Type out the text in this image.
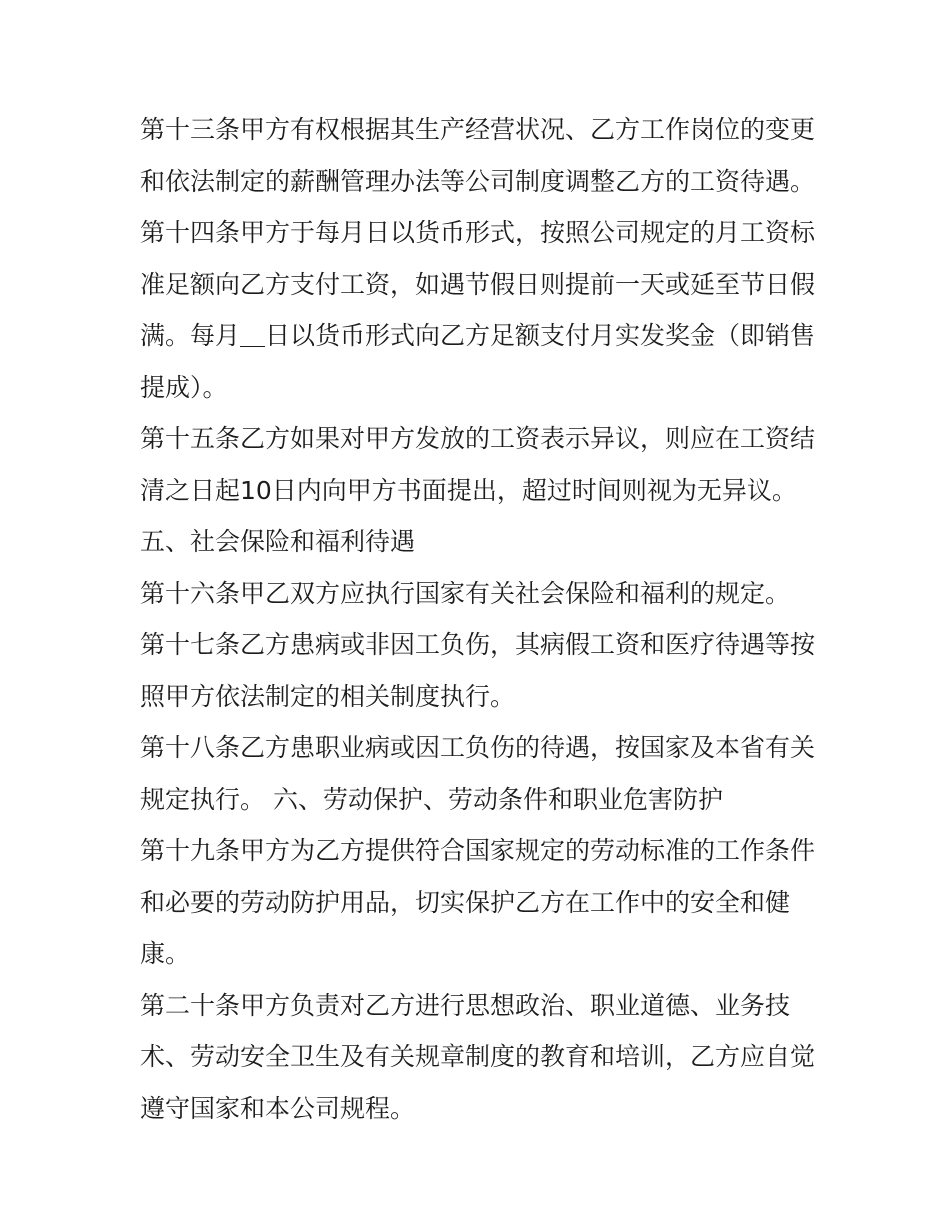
第十三条甲方有权根据其生产经营状况、乙方工作岗位的变更和依法制定的薪酬管理办法等公司制度调整乙方的工资待遇。

第十四条甲方于每月日以货币形式，按照公司规定的月工资标准足额向乙方支付工资，如遇节假日则提前一天或延至节日假满。每月＿日以货币形式向乙方足额支付月实发奖金（即销售提成）。

第十五条乙方如果对甲方发放的工资表示异议，则应在工资结清之日起10日内向甲方书面提出，超过时间则视为无异议。

五、社会保险和福利待遇

第十六条甲乙双方应执行国家有关社会保险和福利的规定。

第十七条乙方患病或非因工负伤，其病假工资和医疗待遇等按照甲方依法制定的相关制度执行。

第十八条乙方患职业病或因工负伤的待遇，按国家及本省有关规定执行。 六、劳动保护、劳动条件和职业危害防护

第十九条甲方为乙方提供符合国家规定的劳动标准的工作条件和必要的劳动防护用品，切实保护乙方在工作中的安全和健康。

第二十条甲方负责对乙方进行思想政治、职业道德、业务技术、劳动安全卫生及有关规章制度的教育和培训，乙方应自觉遵守国家和本公司规程。
